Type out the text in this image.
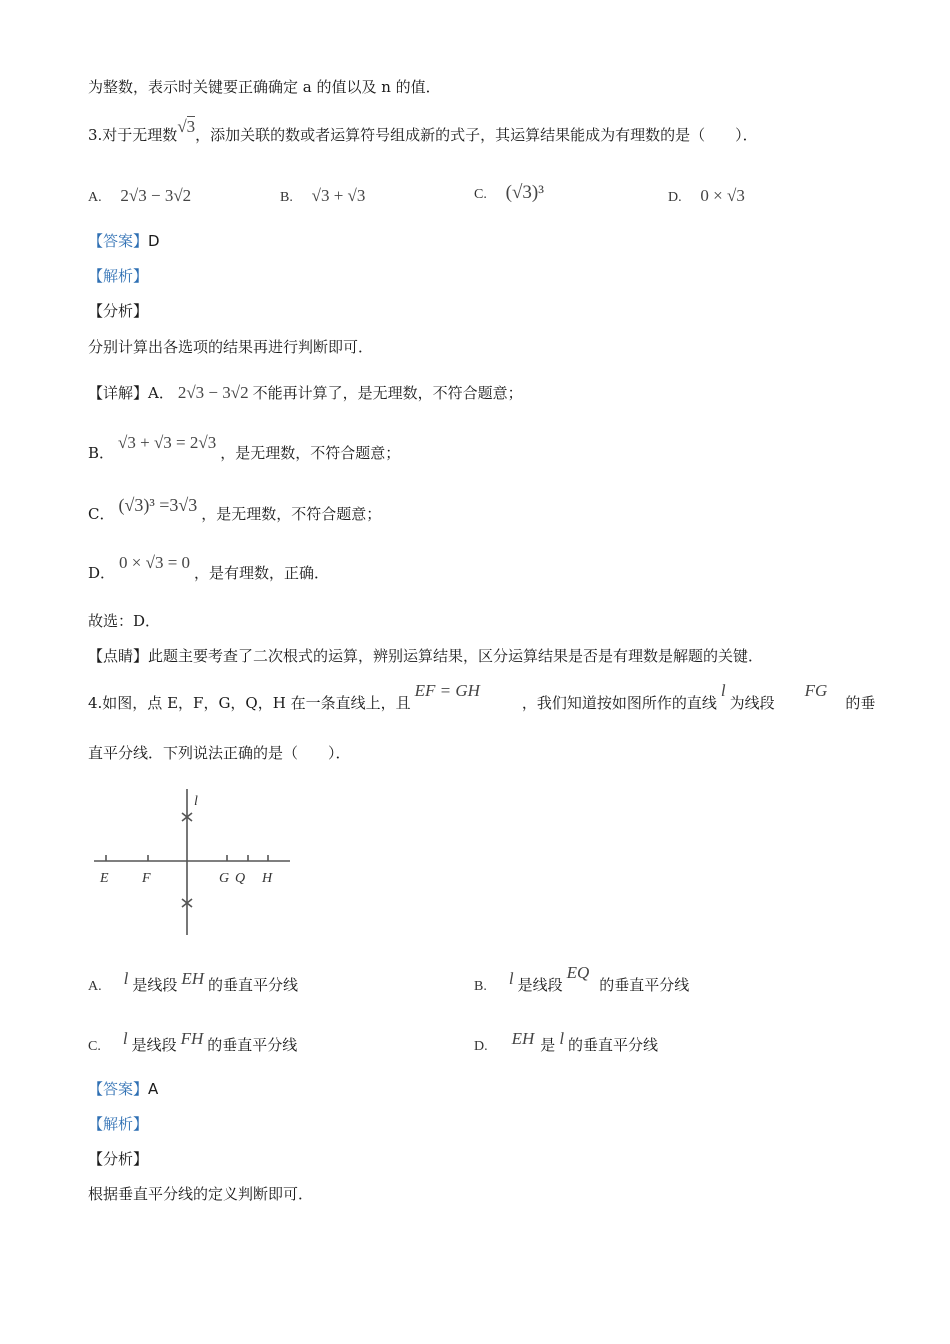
为整数，表示时关键要正确确定 a 的值以及 n 的值．
3.对于无理数√3，添加关联的数或者运算符号组成新的式子，其运算结果能成为有理数的是（　　）．
A. 2√3 − 3√2	B. √3 + √3	C. (√3)³	D. 0 × √3
【答案】D
【解析】
【分析】
分别计算出各选项的结果再进行判断即可．
【详解】A． 2√3 − 3√2 不能再计算了，是无理数，不符合题意；
B．√3 + √3 = 2√3，是无理数，不符合题意；
C． (√3)³ =3√3 ，是无理数，不符合题意；
D．0 × √3 = 0，是有理数，正确．
故选：D．
【点睛】此题主要考查了二次根式的运算，辨别运算结果，区分运算结果是否是有理数是解题的关键．
4.如图，点 E，F，G，Q，H 在一条直线上，且EF = GH，我们知道按如图所作的直线l为线段FG的垂
直平分线．下列说法正确的是（　　）．
l
E F	G Q H
A. l 是线段 EH 的垂直平分线	B. l 是线段EQ的垂直平分线
C. l 是线段 FH 的垂直平分线	D. EH 是 l 的垂直平分线
【答案】A
【解析】
【分析】
根据垂直平分线的定义判断即可．
